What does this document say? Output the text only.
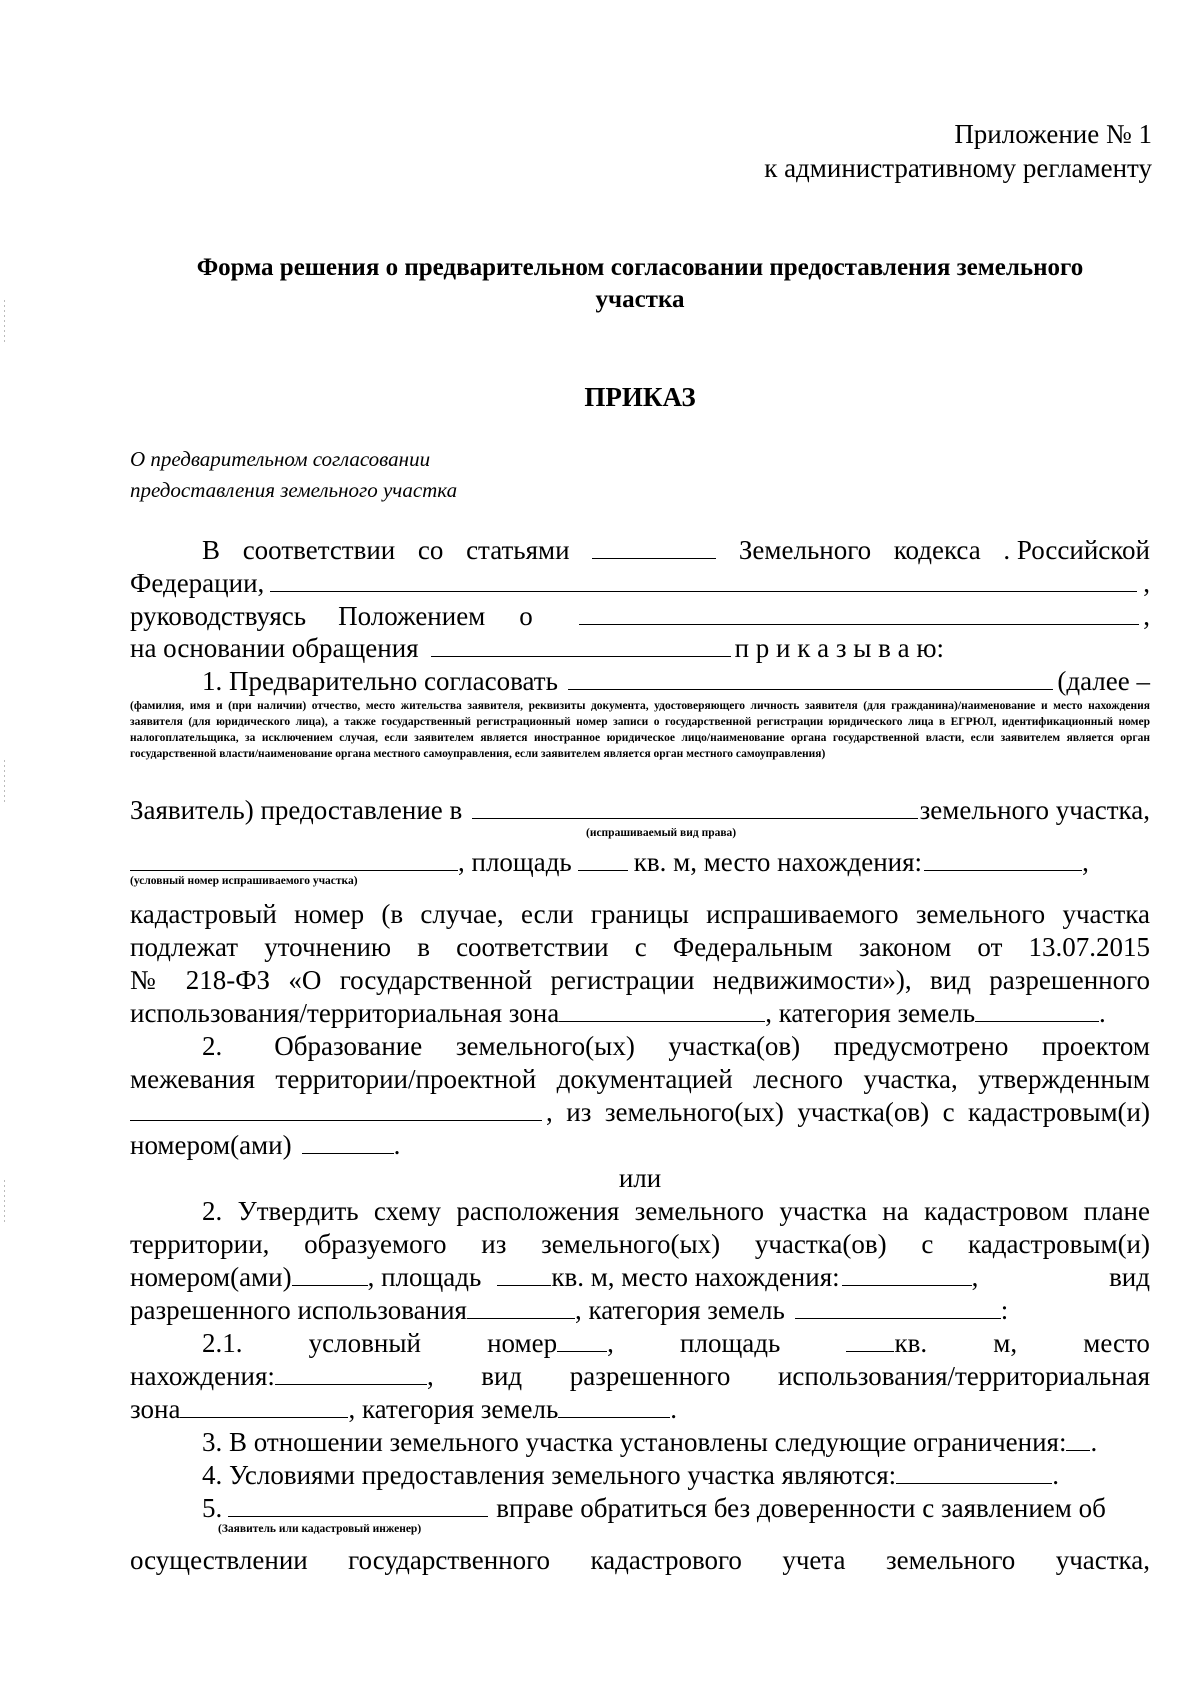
Приложение № 1
к административному регламенту
Форма решения о предварительном согласовании предоставления земельного
участка
ПРИКАЗ
О предварительном согласовании
предоставления земельного участка
В соответствии со статьями	Земельного кодекса . Российской
Федерации,	,
руководствуясь Положением о	,
на основании обращения	п р и к а з ы в а ю:
1. Предварительно согласовать	(далее –
(фамилия, имя и (при наличии) отчество, место жительства заявителя, реквизиты документа, удостоверяющего личность заявителя (для гражданина)/наименование и место нахождения заявителя (для юридического лица), а также государственный регистрационный номер записи о государственной регистрации юридического лица в ЕГРЮЛ, идентификационный номер налогоплательщика, за исключением случая, если заявителем является иностранное юридическое лицо/наименование органа государственной власти, если заявителем является орган государственной власти/наименование органа местного самоуправления, если заявителем является орган местного самоуправления)
Заявитель) предоставление в	земельного участка,
(испрашиваемый вид права)
, площадь кв. м, место нахождения:	,
(условный номер испрашиваемого участка)
кадастровый номер (в случае, если границы испрашиваемого земельного участка
подлежат уточнению в соответствии с Федеральным законом от 13.07.2015
№ 218-ФЗ «О государственной регистрации недвижимости»), вид разрешенного
использования/территориальная зона	, категория земель	.
2. Образование земельного(ых) участка(ов) предусмотрено проектом
межевания территории/проектной документацией лесного участка, утвержденным
, из земельного(ых) участка(ов) с кадастровым(и)
номером(ами)	.
или
2. Утвердить схему расположения земельного участка на кадастровом плане
территории, образуемого из земельного(ых) участка(ов) с кадастровым(и)
номером(ами)	, площадь	кв. м, место нахождения:	, вид
разрешенного использования	, категория земель	:
2.1. условный номер , площадь	кв. м, место
нахождения:	, вид разрешенного использования/территориальная
зона	, категория земель	.
3. В отношении земельного участка установлены следующие ограничения: .
4. Условиями предоставления земельного участка являются:	.
5.	вправе обратиться без доверенности с заявлением об
(Заявитель или кадастровый инженер)
осуществлении государственного кадастрового учета земельного участка,
